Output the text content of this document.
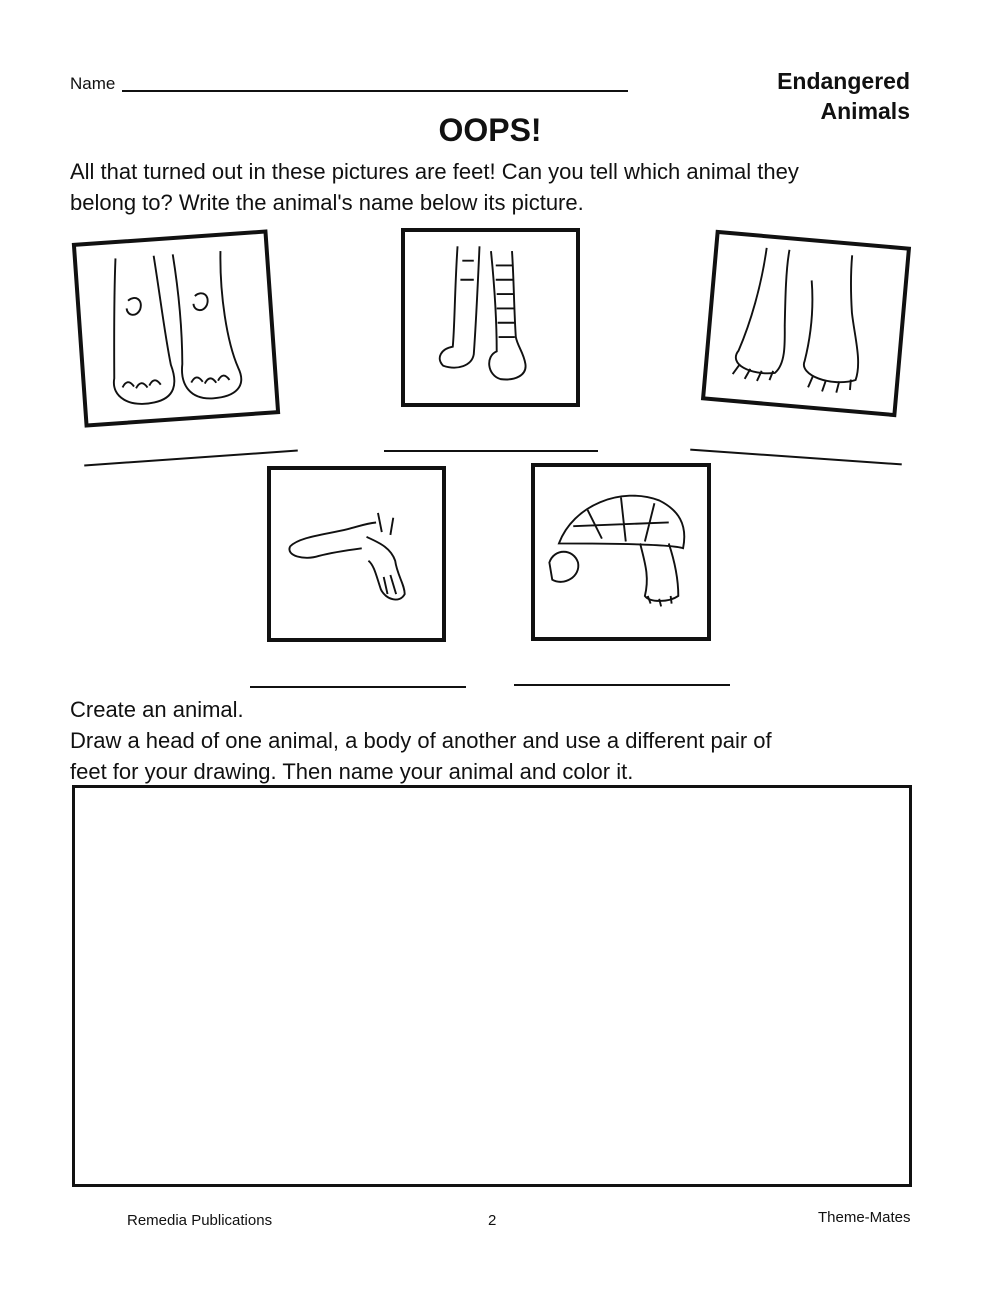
Name	Endangered
Animals
OOPS!
All that turned out in these pictures are feet! Can you tell which animal they
belong to? Write the animal's name below its picture.
Create an animal.
Draw a head of one animal, a body of another and use a different pair of
feet for your drawing. Then name your animal and color it.
Remedia Publications	2	Theme-Mates
